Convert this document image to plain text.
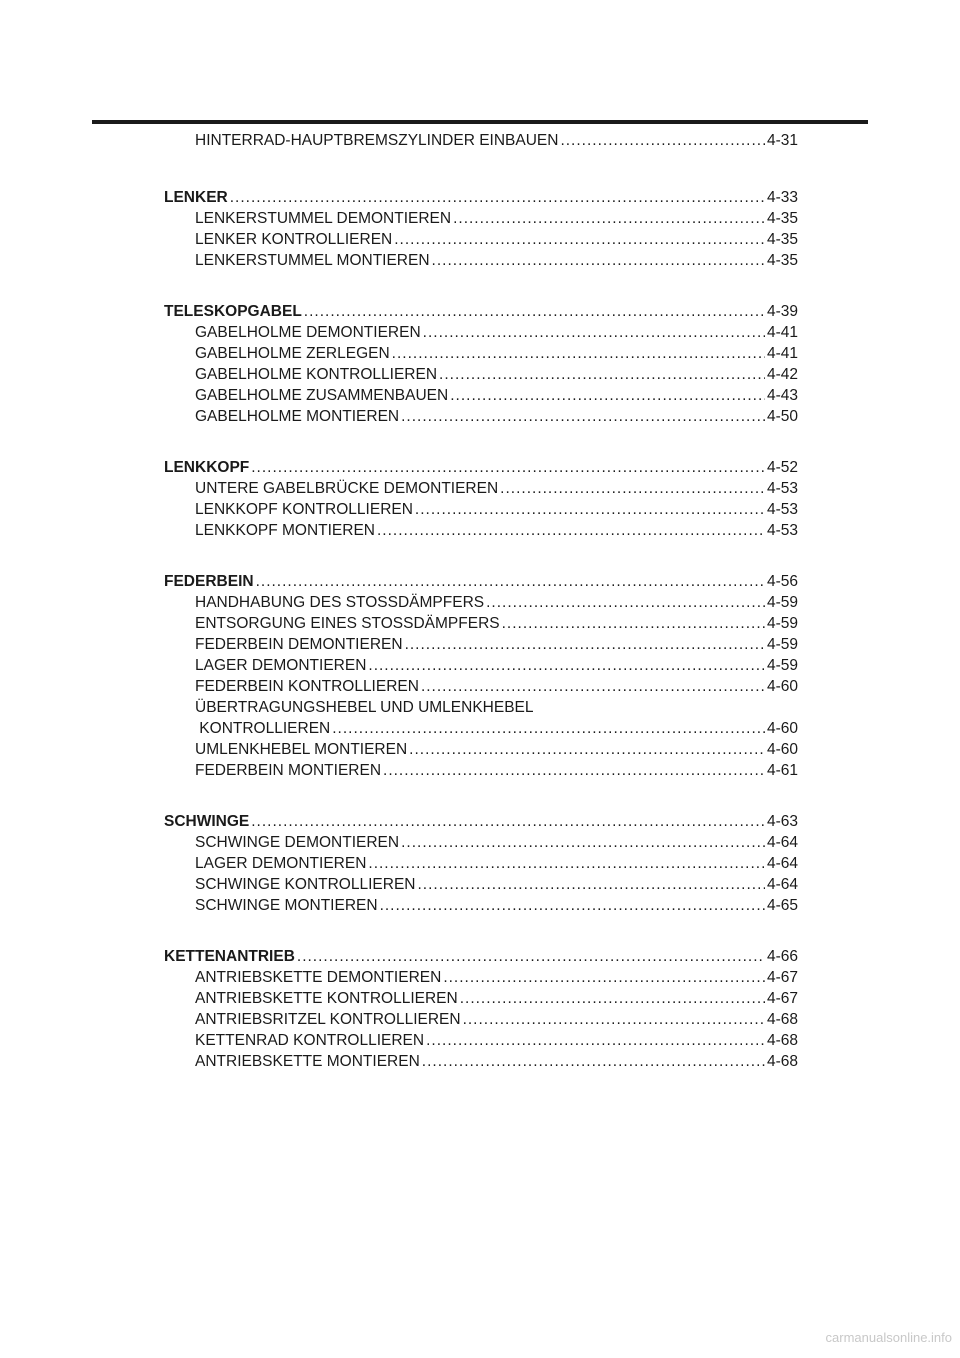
HINTERRAD-HAUPTBREMSZYLINDER EINBAUEN .....	4-31
LENKER .....	4-33
LENKERSTUMMEL DEMONTIEREN .....	4-35
LENKER KONTROLLIEREN .....	4-35
LENKERSTUMMEL MONTIEREN .....	4-35
TELESKOPGABEL .....	4-39
GABELHOLME DEMONTIEREN .....	4-41
GABELHOLME ZERLEGEN .....	4-41
GABELHOLME KONTROLLIEREN .....	4-42
GABELHOLME ZUSAMMENBAUEN .....	4-43
GABELHOLME MONTIEREN .....	4-50
LENKKOPF .....	4-52
UNTERE GABELBRÜCKE DEMONTIEREN .....	4-53
LENKKOPF KONTROLLIEREN .....	4-53
LENKKOPF MONTIEREN .....	4-53
FEDERBEIN .....	4-56
HANDHABUNG DES STOSSDÄMPFERS .....	4-59
ENTSORGUNG EINES STOSSDÄMPFERS .....	4-59
FEDERBEIN DEMONTIEREN .....	4-59
LAGER DEMONTIEREN .....	4-59
FEDERBEIN KONTROLLIEREN .....	4-60
ÜBERTRAGUNGSHEBEL UND UMLENKHEBEL
KONTROLLIEREN .....	4-60
UMLENKHEBEL MONTIEREN .....	4-60
FEDERBEIN MONTIEREN .....	4-61
SCHWINGE .....	4-63
SCHWINGE DEMONTIEREN .....	4-64
LAGER DEMONTIEREN .....	4-64
SCHWINGE KONTROLLIEREN .....	4-64
SCHWINGE MONTIEREN .....	4-65
KETTENANTRIEB .....	4-66
ANTRIEBSKETTE DEMONTIEREN .....	4-67
ANTRIEBSKETTE KONTROLLIEREN .....	4-67
ANTRIEBSRITZEL KONTROLLIEREN .....	4-68
KETTENRAD KONTROLLIEREN .....	4-68
ANTRIEBSKETTE MONTIEREN .....	4-68
carmanualsonline.info
